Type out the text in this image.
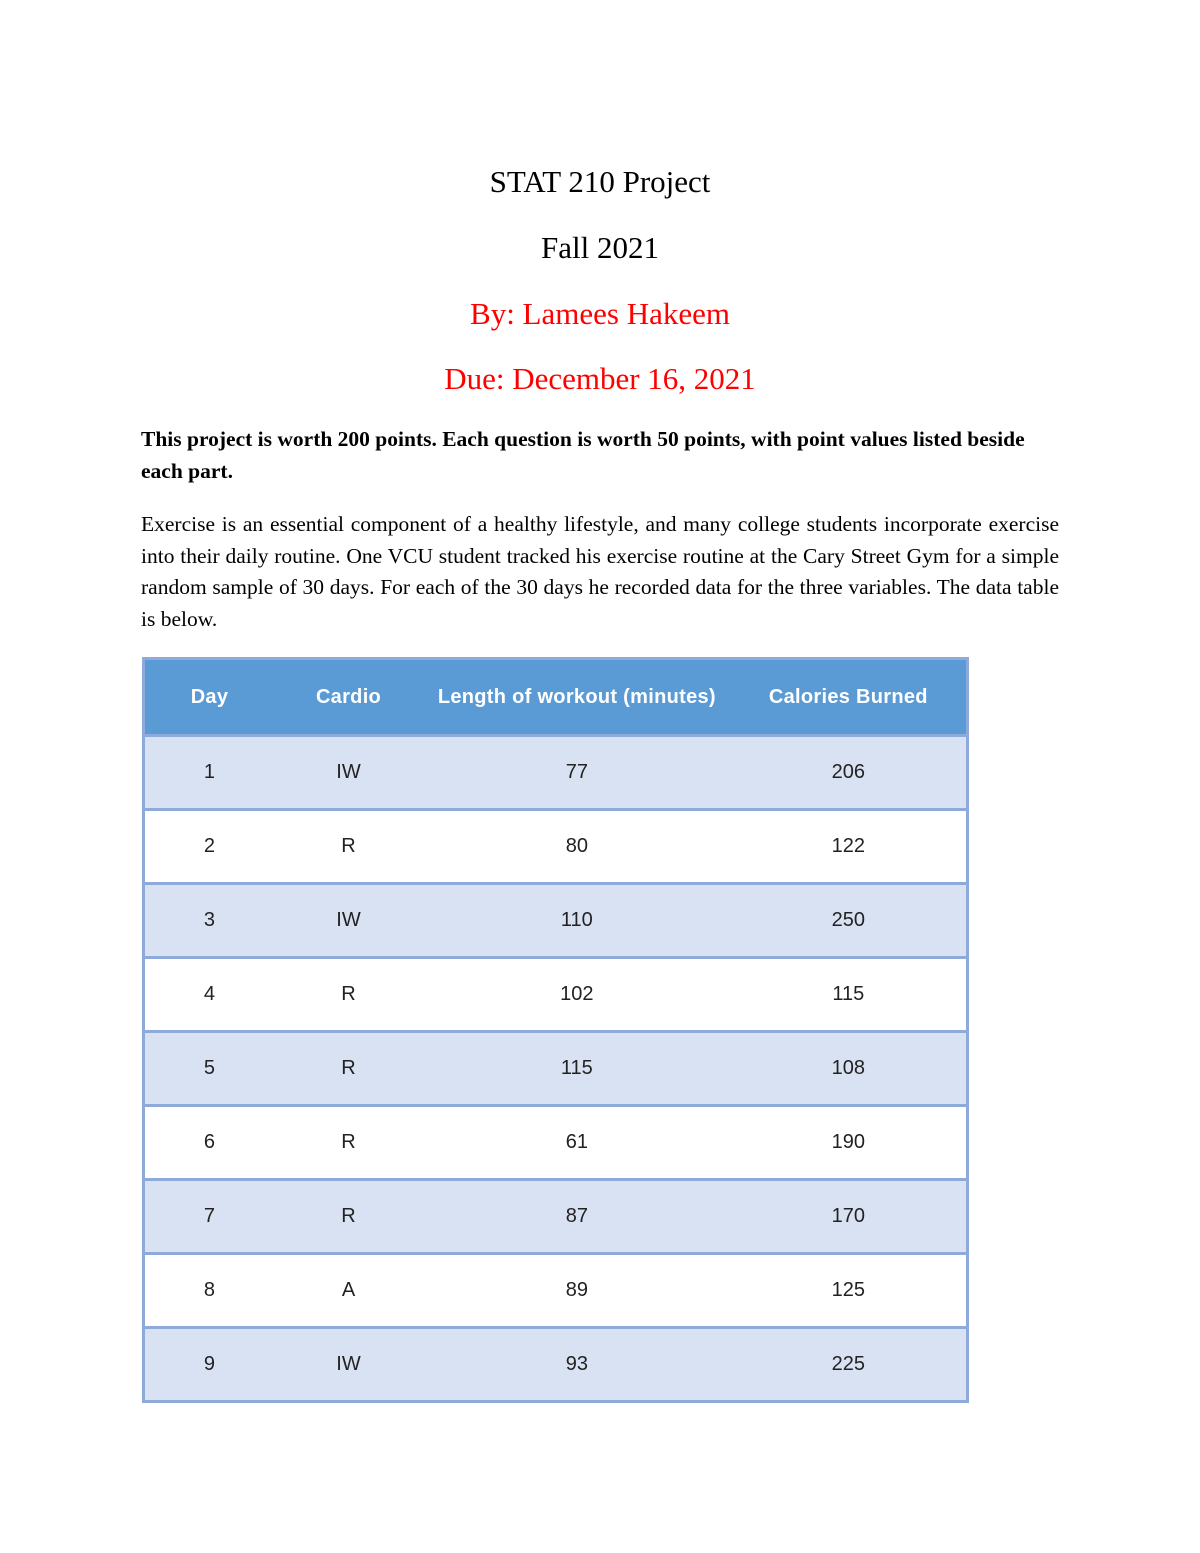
STAT 210 Project
Fall 2021
By: Lamees Hakeem
Due: December 16, 2021
This project is worth 200 points. Each question is worth 50 points, with point values listed beside each part.
Exercise is an essential component of a healthy lifestyle, and many college students incorporate exercise into their daily routine. One VCU student tracked his exercise routine at the Cary Street Gym for a simple random sample of 30 days. For each of the 30 days he recorded data for the three variables. The data table is below.
Day	Cardio	Length of workout (minutes)	Calories Burned
1	IW	77	206
2	R	80	122
3	IW	110	250
4	R	102	115
5	R	115	108
6	R	61	190
7	R	87	170
8	A	89	125
9	IW	93	225
